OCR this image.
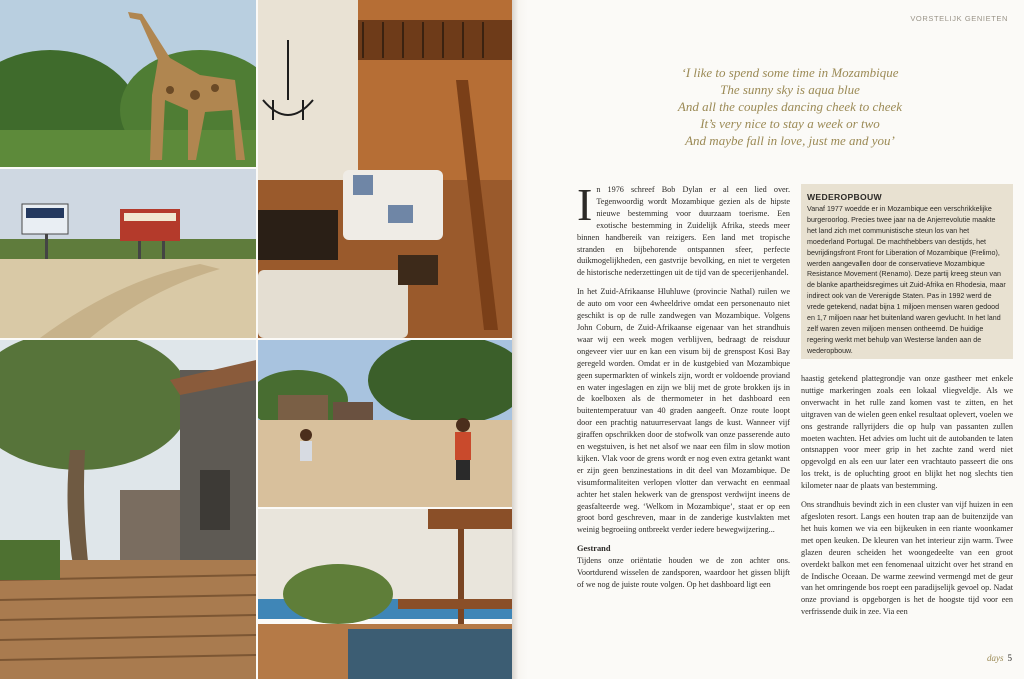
VORSTELIJK GENIETEN
‘I like to spend some time in Mozambique
The sunny sky is aqua blue
And all the couples dancing cheek to cheek
It’s very nice to stay a week or two
And maybe fall in love, just me and you’

In 1976 schreef Bob Dylan er al een lied over. Tegenwoordig wordt Mozambique gezien als de hipste nieuwe bestemming voor duurzaam toerisme. Een exotische bestemming in Zuidelijk Afrika, steeds meer binnen handbereik van reizigers. Een land met tropische stranden en bijbehorende ontspannen sfeer, perfecte duikmogelijkheden, een gastvrije bevolking, en niet te vergeten de historische nederzettingen uit de tijd van de specerijenhandel.

In het Zuid-Afrikaanse Hluhluwe (provincie Nathal) ruilen we de auto om voor een 4wheeldrive omdat een personenauto niet geschikt is op de rulle zandwegen van Mozambique. Volgens John Coburn, de Zuid-Afrikaanse eigenaar van het strandhuis waar wij een week mogen verblijven, bedraagt de reisduur ongeveer vier uur en kan een visum bij de grenspost Kosi Bay geregeld worden. Omdat er in de kustgebied van Mozambique geen supermarkten of winkels zijn, wordt er voldoende proviand en water ingeslagen en zijn we blij met de grote brokken ijs in de koelboxen als de thermometer in het dashboard een buitentemperatuur van 40 graden aangeeft. Onze route loopt door een prachtig natuurreservaat langs de kust. Wanneer vijf giraffen opschrikken door de stofwolk van onze passerende auto en wegstuiven, is het net alsof we naar een film in slow motion kijken. Vlak voor de grens wordt er nog even extra getankt want er zijn geen benzinestations in dit deel van Mozambique. De visumformaliteiten verlopen vlotter dan verwacht en eenmaal achter het stalen hekwerk van de grenspost verdwijnt ineens de geasfalteerde weg. ‘Welkom in Mozambique’, staat er op een groot bord geschreven, maar in de zanderige kustvlakten met weinig begroeiing ontbreekt verder iedere bewegwijzering...

Gestrand

Tijdens onze oriëntatie houden we de zon achter ons. Voortdurend wisselen de zandsporen, waardoor het gissen blijft of we nog de juiste route volgen. Op het dashboard ligt een

WEDEROPBOUW
Vanaf 1977 woedde er in Mozambique een verschrikkelijke burgeroorlog. Precies twee jaar na de Anjerrevolutie maakte het land zich met communistische steun los van het moederland Portugal. De machthebbers van destijds, het bevrijdingsfront Front for Liberation of Mozambique (Frelimo), werden aangevallen door de conservatieve Mozambique Resistance Movement (Renamo). Deze partij kreeg steun van de blanke apartheidsregimes uit Zuid-Afrika en Rhodesia, maar indirect ook van de Verenigde Staten. Pas in 1992 werd de vrede getekend, nadat bijna 1 miljoen mensen waren gedood en 1,7 miljoen naar het buitenland waren gevlucht. In het land zelf waren zeven miljoen mensen ontheemd. De huidige regering werkt met behulp van Westerse landen aan de wederopbouw.

haastig getekend plattegrondje van onze gastheer met enkele nuttige markeringen zoals een lokaal vliegveldje. Als we onverwacht in het rulle zand komen vast te zitten, en het uitgraven van de wielen geen enkel resultaat oplevert, voelen we ons gestrande rallyrijders die op hulp van passanten zullen moeten wachten. Het advies om lucht uit de autobanden te laten ontsnappen voor meer grip in het zachte zand werd niet opgevolgd en als een uur later een vrachtauto passeert die ons los trekt, is de opluchting groot en blijkt het nog slechts tien kilometer naar de plaats van bestemming.

Ons strandhuis bevindt zich in een cluster van vijf huizen in een afgesloten resort. Langs een houten trap aan de buitenzijde van het huis komen we via een bijkeuken in een riante woonkamer met open keuken. De kleuren van het interieur zijn warm. Twee glazen deuren scheiden het woongedeelte van een groot overdekt balkon met een fenomenaal uitzicht over het strand en de Indische Oceaan. De warme zeewind vermengd met de geur van het omringende bos roept een paradijselijk gevoel op. Nadat onze proviand is opgeborgen is het de hoogste tijd voor een verfrissende duik in zee. Via een

days 5
